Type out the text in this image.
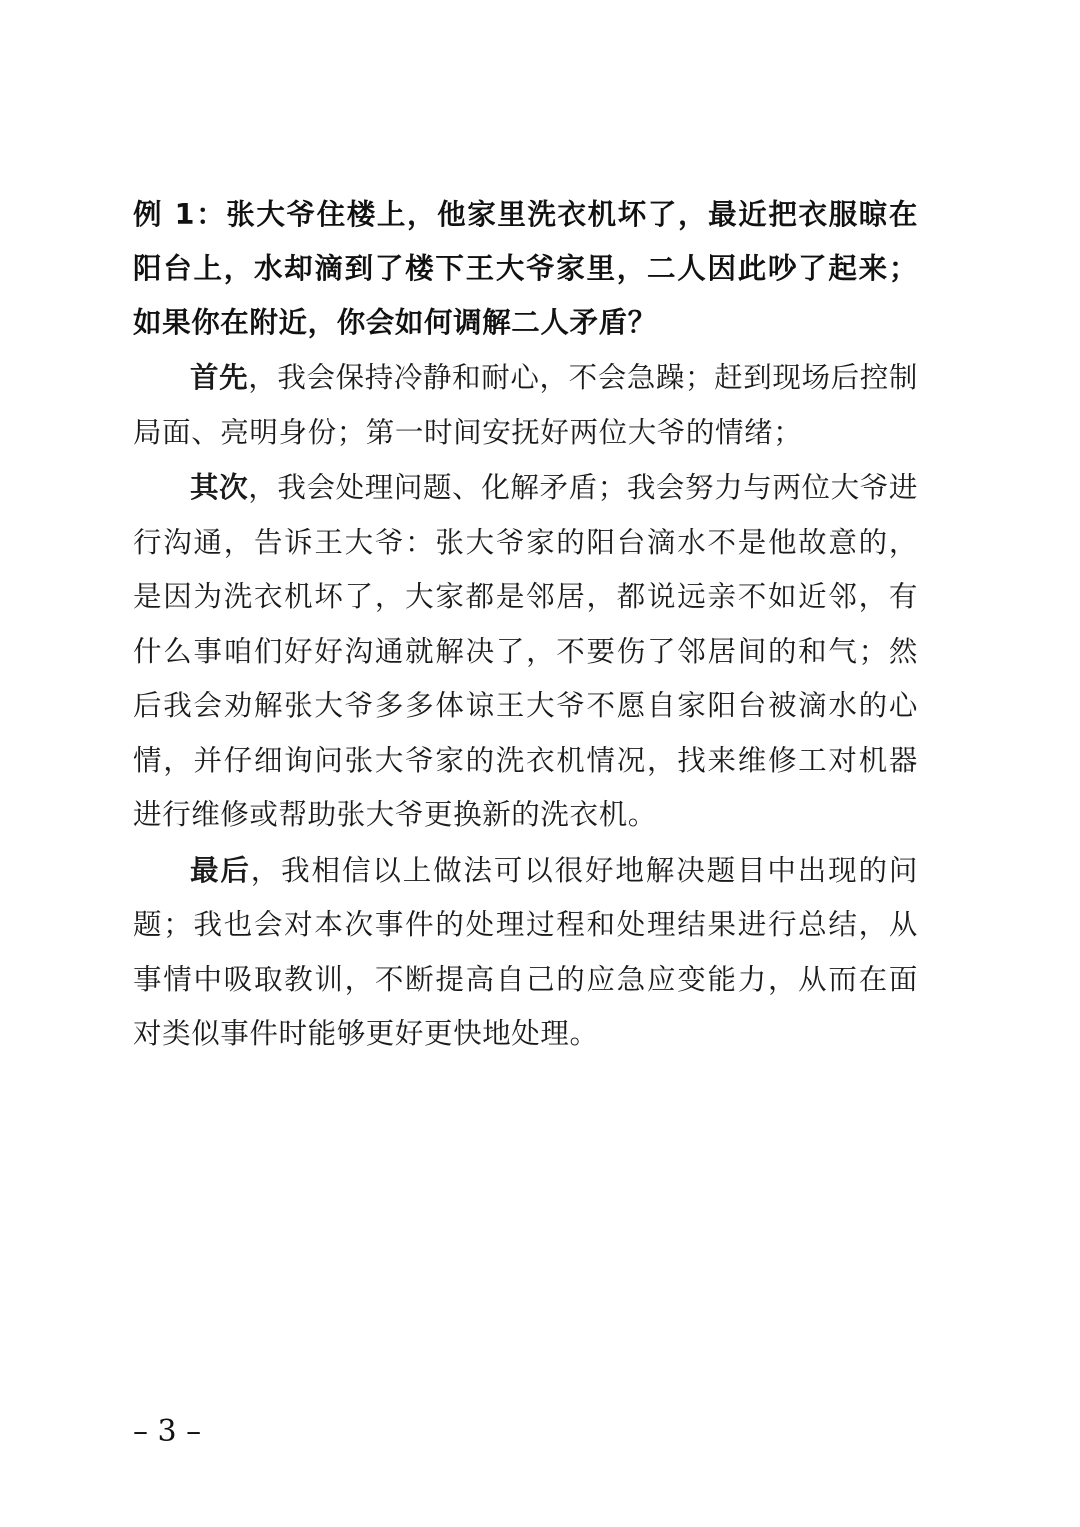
例 1：张大爷住楼上，他家里洗衣机坏了，最近把衣服晾在阳台上，水却滴到了楼下王大爷家里，二人因此吵了起来；如果你在附近，你会如何调解二人矛盾？

首先，我会保持冷静和耐心，不会急躁；赶到现场后控制局面、亮明身份；第一时间安抚好两位大爷的情绪；

其次，我会处理问题、化解矛盾；我会努力与两位大爷进行沟通，告诉王大爷：张大爷家的阳台滴水不是他故意的，是因为洗衣机坏了，大家都是邻居，都说远亲不如近邻，有什么事咱们好好沟通就解决了，不要伤了邻居间的和气；然后我会劝解张大爷多多体谅王大爷不愿自家阳台被滴水的心情，并仔细询问张大爷家的洗衣机情况，找来维修工对机器进行维修或帮助张大爷更换新的洗衣机。

最后，我相信以上做法可以很好地解决题目中出现的问题；我也会对本次事件的处理过程和处理结果进行总结，从事情中吸取教训，不断提高自己的应急应变能力，从而在面对类似事件时能够更好更快地处理。

– 3 –
